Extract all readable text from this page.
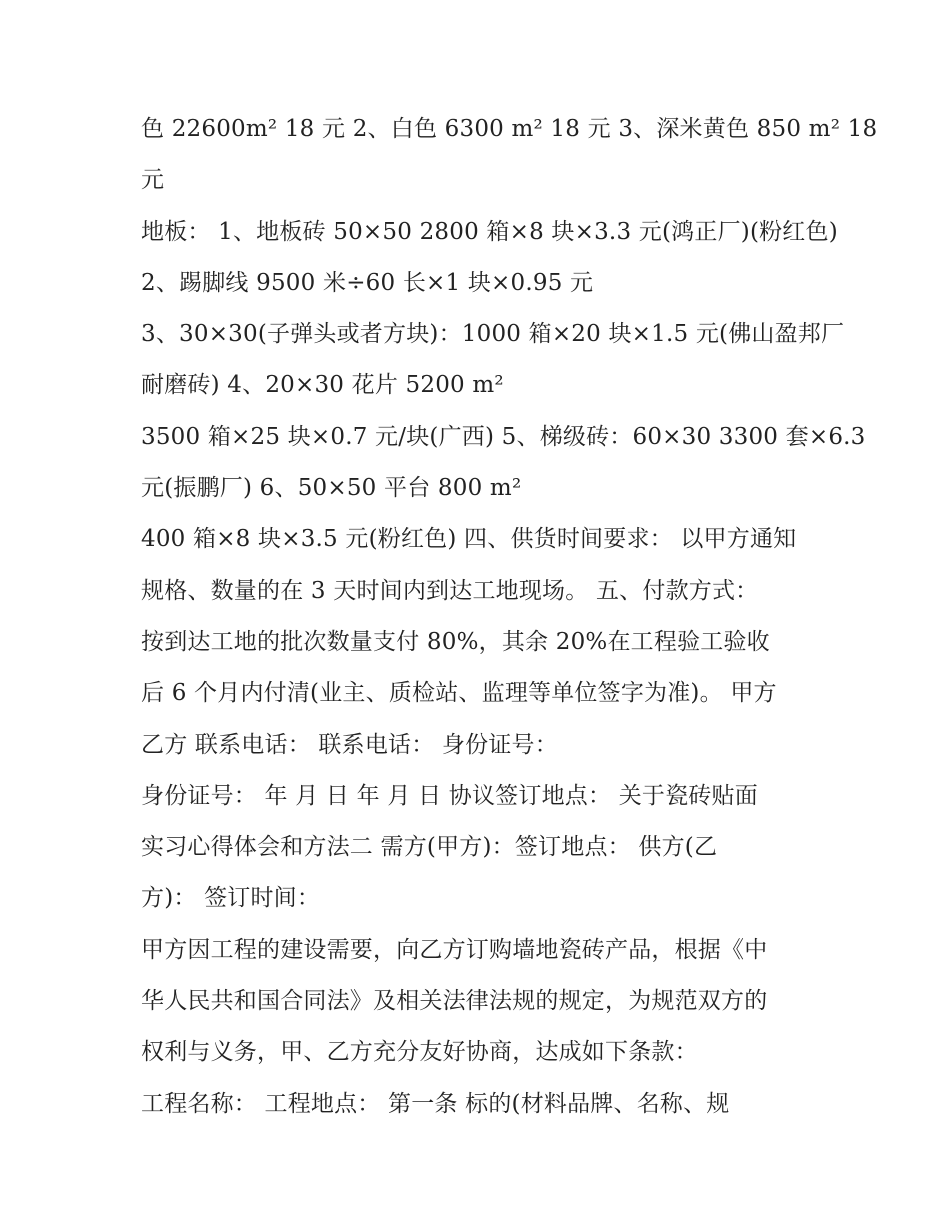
色 22600m² 18 元 2、白色 6300 m² 18 元 3、深米黄色 850 m² 18
元
地板： 1、地板砖 50×50 2800 箱×8 块×3.3 元(鸿正厂)(粉红色)
2、踢脚线 9500 米÷60 长×1 块×0.95 元
3、30×30(子弹头或者方块)：1000 箱×20 块×1.5 元(佛山盈邦厂
耐磨砖) 4、20×30 花片 5200 m²
3500 箱×25 块×0.7 元/块(广西) 5、梯级砖：60×30 3300 套×6.3
元(振鹏厂) 6、50×50 平台 800 m²
400 箱×8 块×3.5 元(粉红色) 四、供货时间要求： 以甲方通知
规格、数量的在 3 天时间内到达工地现场。 五、付款方式：
按到达工地的批次数量支付 80%，其余 20%在工程验工验收
后 6 个月内付清(业主、质检站、监理等单位签字为准)。 甲方
乙方 联系电话： 联系电话： 身份证号：
身份证号： 年 月 日 年 月 日 协议签订地点： 关于瓷砖贴面
实习心得体会和方法二 需方(甲方)：签订地点： 供方(乙
方)： 签订时间：
甲方因工程的建设需要，向乙方订购墙地瓷砖产品，根据《中
华人民共和国合同法》及相关法律法规的规定，为规范双方的
权利与义务，甲、乙方充分友好协商，达成如下条款：
工程名称： 工程地点： 第一条 标的(材料品牌、名称、规
